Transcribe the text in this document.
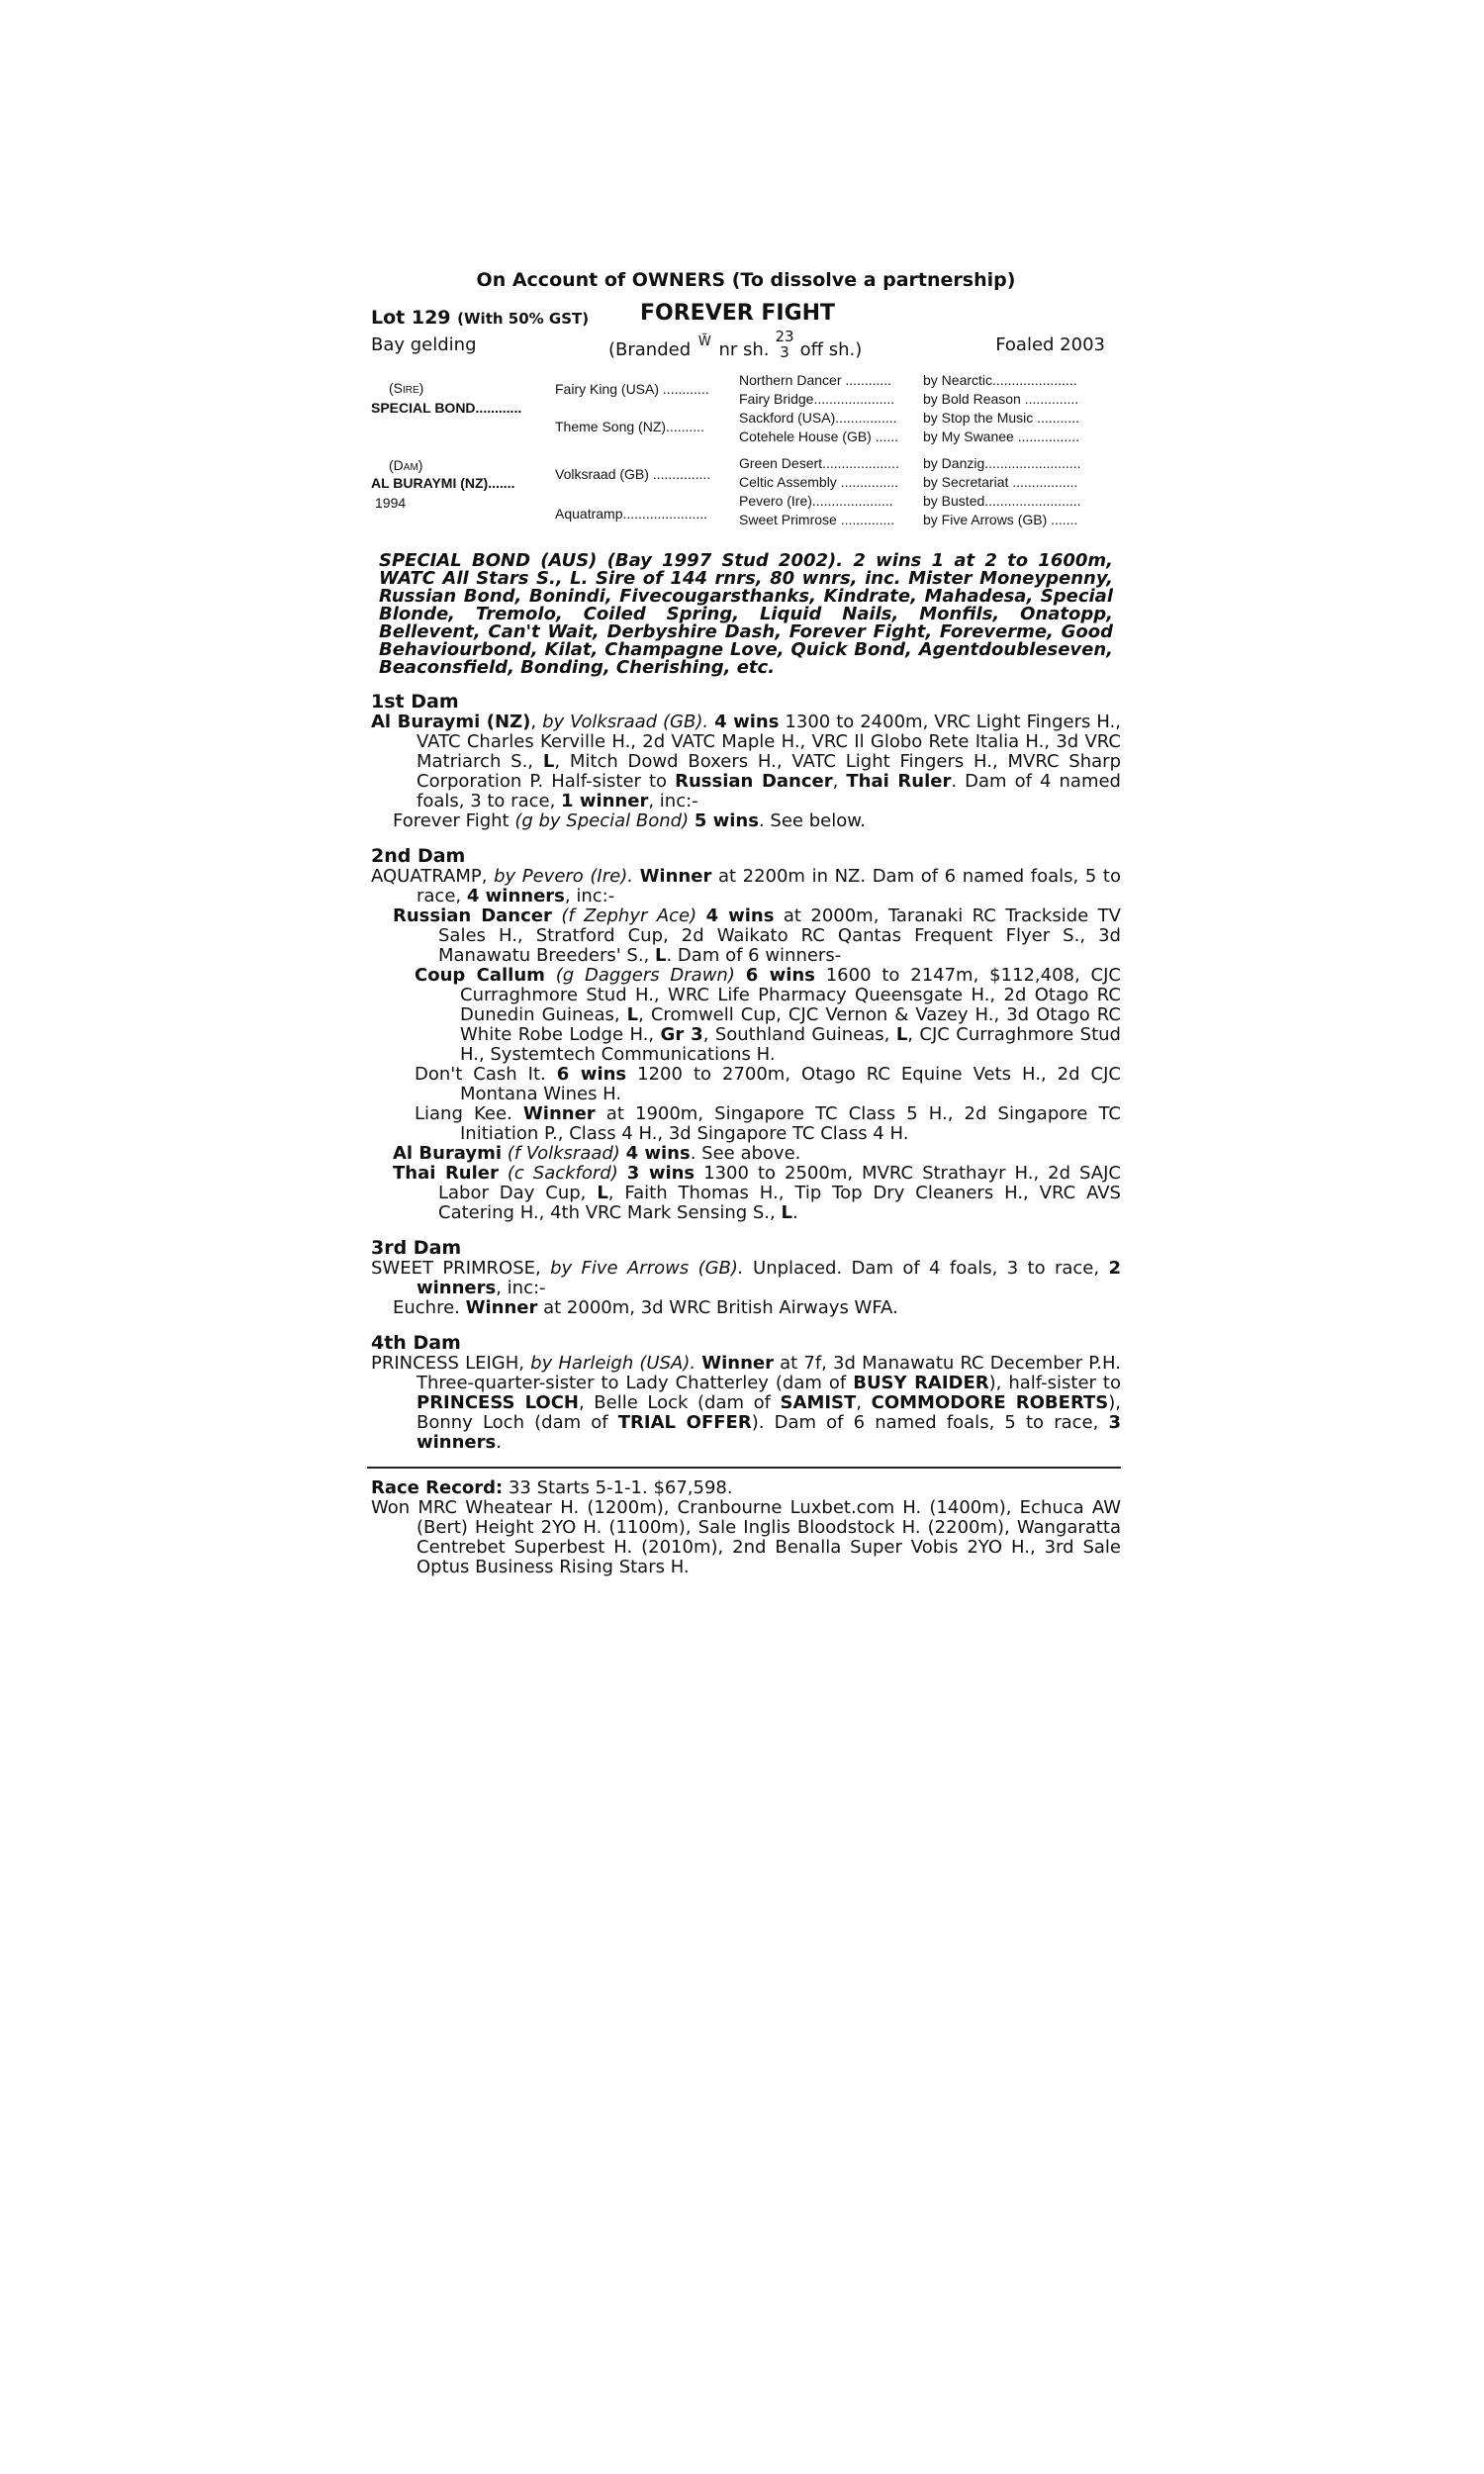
On Account of OWNERS (To dissolve a partnership)
Lot 129 (With 50% GST) FOREVER FIGHT
Bay gelding	(Branded W̃ nr sh.23
3 off sh.)	Foaled 2003
(Sire)
SPECIAL BOND............
(Dam)
AL BURAYMI (NZ).......
1994
Fairy King (USA) ............
Theme Song (NZ)..........
Volksraad (GB) ...............
Aquatramp......................
Northern Dancer ............
Fairy Bridge.....................
Sackford (USA)................
Cotehele House (GB) ......
Green Desert....................
Celtic Assembly ...............
Pevero (Ire).....................
Sweet Primrose ..............
by Nearctic......................
by Bold Reason ..............
by Stop the Music ...........
by My Swanee ................
by Danzig.........................
by Secretariat .................
by Busted.........................
by Five Arrows (GB) .......
SPECIAL BOND (AUS) (Bay 1997 Stud 2002). 2 wins 1 at 2 to 1600m, WATC All Stars S., L. Sire of 144 rnrs, 80 wnrs, inc. Mister Moneypenny, Russian Bond, Bonindi, Fivecougarsthanks, Kindrate, Mahadesa, Special Blonde, Tremolo, Coiled Spring, Liquid Nails, Monfils, Onatopp, Bellevent, Can't Wait, Derbyshire Dash, Forever Fight, Foreverme, Good Behaviourbond, Kilat, Champagne Love, Quick Bond, Agentdoubleseven, Beaconsfield, Bonding, Cherishing, etc.
1st Dam
Al Buraymi (NZ), by Volksraad (GB). 4 wins 1300 to 2400m, VRC Light Fingers H., VATC Charles Kerville H., 2d VATC Maple H., VRC Il Globo Rete Italia H., 3d VRC Matriarch S., L, Mitch Dowd Boxers H., VATC Light Fingers H., MVRC Sharp Corporation P. Half-sister to Russian Dancer, Thai Ruler. Dam of 4 named foals, 3 to race, 1 winner, inc:-
Forever Fight (g by Special Bond) 5 wins. See below.
2nd Dam
AQUATRAMP, by Pevero (Ire). Winner at 2200m in NZ. Dam of 6 named foals, 5 to race, 4 winners, inc:-
Russian Dancer (f Zephyr Ace) 4 wins at 2000m, Taranaki RC Trackside TV Sales H., Stratford Cup, 2d Waikato RC Qantas Frequent Flyer S., 3d Manawatu Breeders' S., L. Dam of 6 winners-
Coup Callum (g Daggers Drawn) 6 wins 1600 to 2147m, $112,408, CJC Curraghmore Stud H., WRC Life Pharmacy Queensgate H., 2d Otago RC Dunedin Guineas, L, Cromwell Cup, CJC Vernon & Vazey H., 3d Otago RC White Robe Lodge H., Gr 3, Southland Guineas, L, CJC Curraghmore Stud H., Systemtech Communications H.
Don't Cash It. 6 wins 1200 to 2700m, Otago RC Equine Vets H., 2d CJC Montana Wines H.
Liang Kee. Winner at 1900m, Singapore TC Class 5 H., 2d Singapore TC Initiation P., Class 4 H., 3d Singapore TC Class 4 H.
Al Buraymi (f Volksraad) 4 wins. See above.
Thai Ruler (c Sackford) 3 wins 1300 to 2500m, MVRC Strathayr H., 2d SAJC Labor Day Cup, L, Faith Thomas H., Tip Top Dry Cleaners H., VRC AVS Catering H., 4th VRC Mark Sensing S., L.
3rd Dam
SWEET PRIMROSE, by Five Arrows (GB). Unplaced. Dam of 4 foals, 3 to race, 2 winners, inc:-
Euchre. Winner at 2000m, 3d WRC British Airways WFA.
4th Dam
PRINCESS LEIGH, by Harleigh (USA). Winner at 7f, 3d Manawatu RC December P.H. Three-quarter-sister to Lady Chatterley (dam of BUSY RAIDER), half-sister to PRINCESS LOCH, Belle Lock (dam of SAMIST, COMMODORE ROBERTS), Bonny Loch (dam of TRIAL OFFER). Dam of 6 named foals, 5 to race, 3 winners.
Race Record: 33 Starts 5-1-1. $67,598.
Won MRC Wheatear H. (1200m), Cranbourne Luxbet.com H. (1400m), Echuca AW (Bert) Height 2YO H. (1100m), Sale Inglis Bloodstock H. (2200m), Wangaratta Centrebet Superbest H. (2010m), 2nd Benalla Super Vobis 2YO H., 3rd Sale Optus Business Rising Stars H.
